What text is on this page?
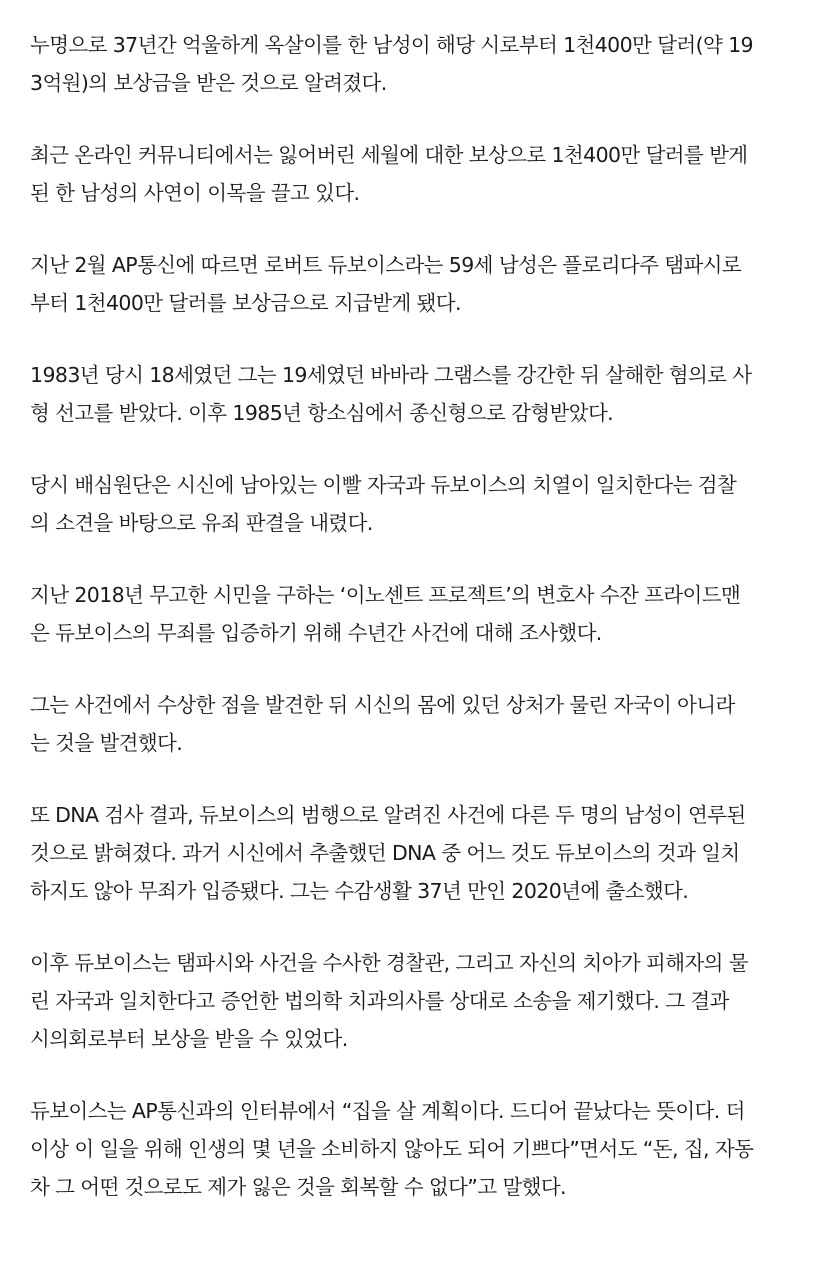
누명으로 37년간 억울하게 옥살이를 한 남성이 해당 시로부터 1천400만 달러(약 19
3억원)의 보상금을 받은 것으로 알려졌다.

최근 온라인 커뮤니티에서는 잃어버린 세월에 대한 보상으로 1천400만 달러를 받게
된 한 남성의 사연이 이목을 끌고 있다.

지난 2월 AP통신에 따르면 로버트 듀보이스라는 59세 남성은 플로리다주 탬파시로
부터 1천400만 달러를 보상금으로 지급받게 됐다.

1983년 당시 18세였던 그는 19세였던 바바라 그램스를 강간한 뒤 살해한 혐의로 사
형 선고를 받았다. 이후 1985년 항소심에서 종신형으로 감형받았다.

당시 배심원단은 시신에 남아있는 이빨 자국과 듀보이스의 치열이 일치한다는 검찰
의 소견을 바탕으로 유죄 판결을 내렸다.

지난 2018년 무고한 시민을 구하는 ‘이노센트 프로젝트’의 변호사 수잔 프라이드맨
은 듀보이스의 무죄를 입증하기 위해 수년간 사건에 대해 조사했다.

그는 사건에서 수상한 점을 발견한 뒤 시신의 몸에 있던 상처가 물린 자국이 아니라
는 것을 발견했다.

또 DNA 검사 결과, 듀보이스의 범행으로 알려진 사건에 다른 두 명의 남성이 연루된
것으로 밝혀졌다. 과거 시신에서 추출했던 DNA 중 어느 것도 듀보이스의 것과 일치
하지도 않아 무죄가 입증됐다. 그는 수감생활 37년 만인 2020년에 출소했다.

이후 듀보이스는 탬파시와 사건을 수사한 경찰관, 그리고 자신의 치아가 피해자의 물
린 자국과 일치한다고 증언한 법의학 치과의사를 상대로 소송을 제기했다. 그 결과
시의회로부터 보상을 받을 수 있었다.

듀보이스는 AP통신과의 인터뷰에서 “집을 살 계획이다. 드디어 끝났다는 뜻이다. 더
이상 이 일을 위해 인생의 몇 년을 소비하지 않아도 되어 기쁘다”면서도 “돈, 집, 자동
차 그 어떤 것으로도 제가 잃은 것을 회복할 수 없다”고 말했다.
